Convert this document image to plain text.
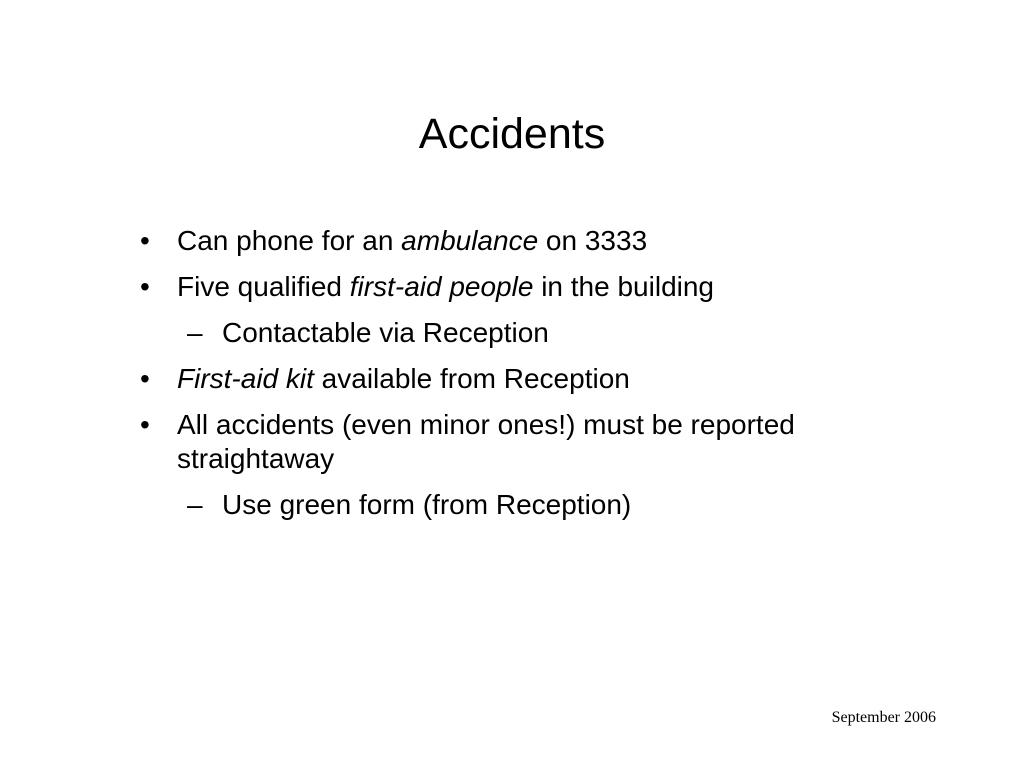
Accidents
• Can phone for an ambulance on 3333
• Five qualified first-aid people in the building
– Contactable via Reception
• First-aid kit available from Reception
• All accidents (even minor ones!) must be reported straightaway
– Use green form (from Reception)
September 2006
